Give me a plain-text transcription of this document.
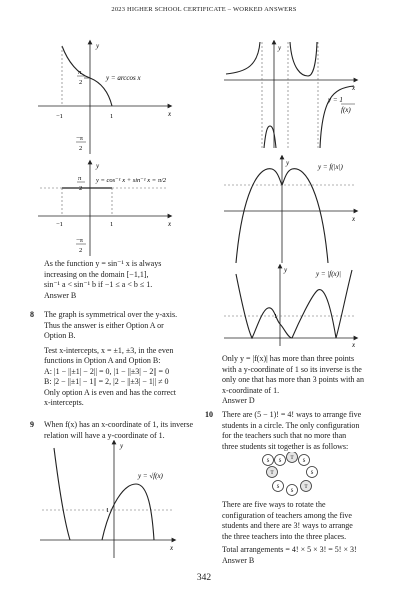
2023 HIGHER SCHOOL CERTIFICATE – WORKED ANSWERS
y
x
y = arccos x
π
2
−1	1
−π
2
y
x
y = cos⁻¹ x + sin⁻¹ x = π/2
π
2
−1	1
−π
2
As the function y = sin⁻¹ x is always
increasing on the domain [−1,1],
sin⁻¹ a < sin⁻¹ b if −1 ≤ a < b ≤ 1.
Answer B
8 The graph is symmetrical over the y-axis.
Thus the answer is either Option A or
Option B.
Test x-intercepts, x = ±1, ±3, in the even
functions in Option A and Option B:
A: |1 − ||±1| − 2|| = 0, |1 − ||±3| − 2|| = 0
B: |2 − ||±1| − 1|| = 2, |2 − ||±3| − 1|| ≠ 0
Only option A is even and has the correct
x-intercepts.
9 When f(x) has an x-coordinate of 1, its inverse
relation will have a y-coordinate of 1.
y
x
1
y = √f(x)
y
x
y = 1
f(x)
y
x
y = f(|x|)
y
x
1
y = |f(x)|
Only y = |f(x)| has more than three points
with a y-coordinate of 1 so its inverse is the
only one that has more than 3 points with an
x-coordinate of 1.
Answer D
10 There are (5 − 1)! = 4! ways to arrange five
students in a circle. The only configuration
for the teachers such that no more than
three students sit together is as follows:
S
T
S
S
T
S
S
T
S
There are five ways to rotate the
configuration of teachers among the five
students and there are 3! ways to arrange
the three teachers into the three places.
Total arrangements = 4! × 5 × 3! = 5! × 3!
Answer B
342
